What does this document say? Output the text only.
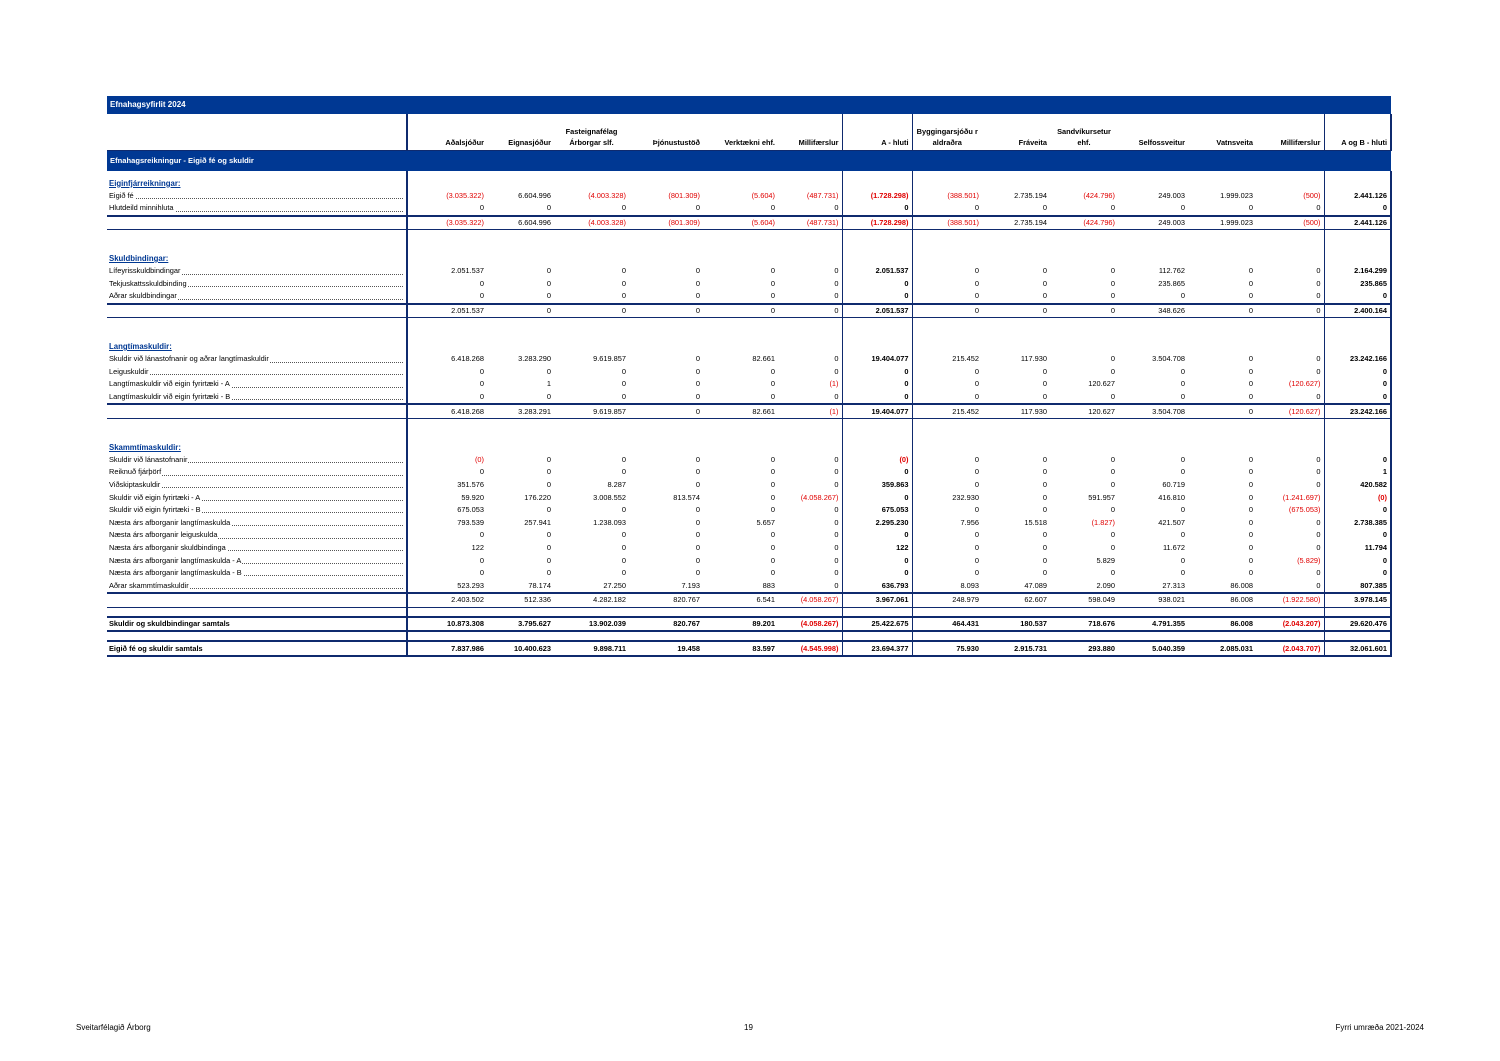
Efnahagsyfirlit 2024
	Aðalsjóður	Eignasjóður	Fasteignafélag Árborgar slf.	Þjónustustöð	Verktækni ehf.	Millifærslur	A - hluti	Byggingarsjóðu r aldraðra	Fráveita	Sandvíkursetur ehf.	Selfossveitur	Vatnsveita	Millifærslur	A og B - hluti
Efnahagsreikningur - Eigið fé og skuldir														
Eiginfjárreikningar:														

Eigið fé	(3.035.322)	6.604.996	(4.003.328)	(801.309)	(5.604)	(487.731)	(1.728.298)	(388.501)	2.735.194	(424.796)	249.003	1.999.023	(500)	2.441.126

Hlutdeild minnihluta	0	0	0	0	0	0	0	0	0	0	0	0	0	0
	(3.035.322)	6.604.996	(4.003.328)	(801.309)	(5.604)	(487.731)	(1.728.298)	(388.501)	2.735.194	(424.796)	249.003	1.999.023	(500)	2.441.126

Skuldbindingar:														

Lífeyrisskuldbindingar	2.051.537	0	0	0	0	0	2.051.537	0	0	0	112.762	0	0	2.164.299

Tekjuskattsskuldbinding	0	0	0	0	0	0	0	0	0	0	235.865	0	0	235.865

Aðrar skuldbindingar	0	0	0	0	0	0	0	0	0	0	0	0	0	0
	2.051.537	0	0	0	0	0	2.051.537	0	0	0	348.626	0	0	2.400.164

Langtímaskuldir:														

Skuldir við lánastofnanir og aðrar langtímaskuldir	6.418.268	3.283.290	9.619.857	0	82.661	0	19.404.077	215.452	117.930	0	3.504.708	0	0	23.242.166

Leiguskuldir	0	0	0	0	0	0	0	0	0	0	0	0	0	0

Langtímaskuldir við eigin fyrirtæki - A	0	1	0	0	0	(1)	0	0	0	120.627	0	0	(120.627)	0

Langtímaskuldir við eigin fyrirtæki - B	0	0	0	0	0	0	0	0	0	0	0	0	0	0
	6.418.268	3.283.291	9.619.857	0	82.661	(1)	19.404.077	215.452	117.930	120.627	3.504.708	0	(120.627)	23.242.166

Skammtímaskuldir:														

Skuldir við lánastofnanir	(0)	0	0	0	0	0	(0)	0	0	0	0	0	0	0

Reiknuð fjárþörf	0	0	0	0	0	0	0	0	0	0	0	0	0	1

Viðskiptaskuldir	351.576	0	8.287	0	0	0	359.863	0	0	0	60.719	0	0	420.582

Skuldir við eigin fyrirtæki - A	59.920	176.220	3.008.552	813.574	0	(4.058.267)	0	232.930	0	591.957	416.810	0	(1.241.697)	(0)

Skuldir við eigin fyrirtæki - B	675.053	0	0	0	0	0	675.053	0	0	0	0	0	(675.053)	0

Næsta árs afborganir langtímaskulda	793.539	257.941	1.238.093	0	5.657	0	2.295.230	7.956	15.518	(1.827)	421.507	0	0	2.738.385

Næsta árs afborganir leiguskulda	0	0	0	0	0	0	0	0	0	0	0	0	0	0

Næsta árs afborganir skuldbindinga	122	0	0	0	0	0	122	0	0	0	11.672	0	0	11.794

Næsta árs afborganir langtímaskulda - A	0	0	0	0	0	0	0	0	0	5.829	0	0	(5.829)	0

Næsta árs afborganir langtímaskulda - B	0	0	0	0	0	0	0	0	0	0	0	0	0	0

Aðrar skammtímaskuldir	523.293	78.174	27.250	7.193	883	0	636.793	8.093	47.089	2.090	27.313	86.008	0	807.385
	2.403.502	512.336	4.282.182	820.767	6.541	(4.058.267)	3.967.061	248.979	62.607	598.049	938.021	86.008	(1.922.580)	3.978.145

Skuldir og skuldbindingar samtals	10.873.308	3.795.627	13.902.039	820.767	89.201	(4.058.267)	25.422.675	464.431	180.537	718.676	4.791.355	86.008	(2.043.207)	29.620.476

Eigið fé og skuldir samtals	7.837.986	10.400.623	9.898.711	19.458	83.597	(4.545.998)	23.694.377	75.930	2.915.731	293.880	5.040.359	2.085.031	(2.043.707)	32.061.601
Sveitarfélagið Árborg	19	Fyrri umræða 2021-2024
